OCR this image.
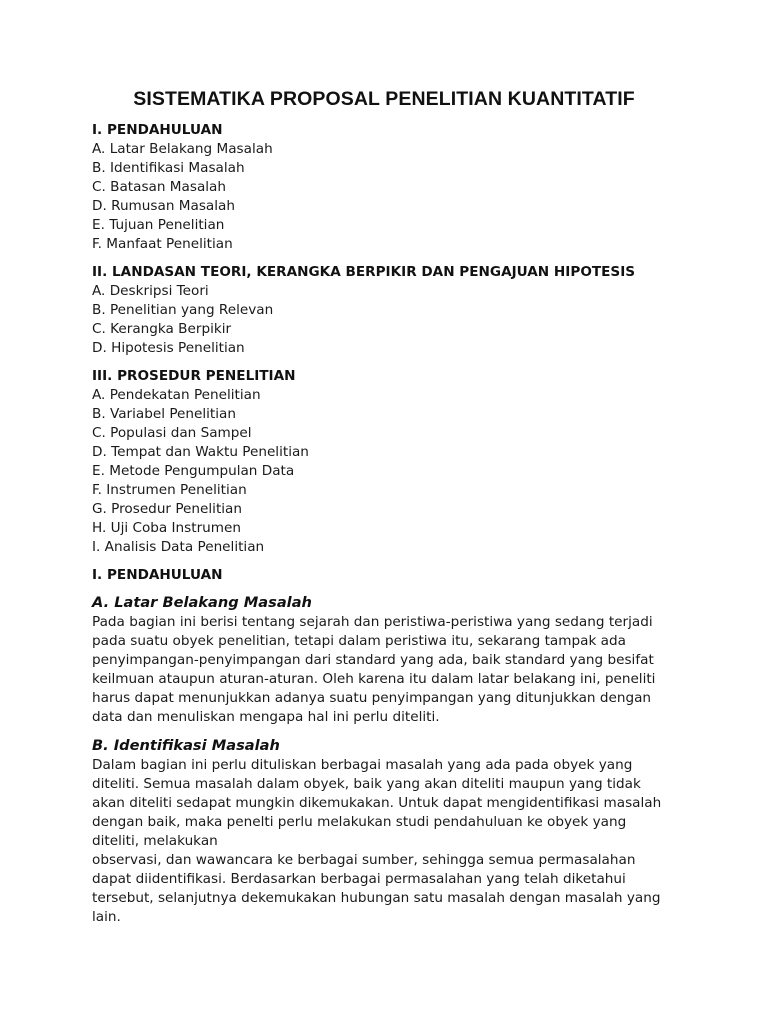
SISTEMATIKA PROPOSAL PENELITIAN KUANTITATIF
I. PENDAHULUAN
A. Latar Belakang Masalah
B. Identifikasi Masalah
C. Batasan Masalah
D. Rumusan Masalah
E. Tujuan Penelitian
F. Manfaat Penelitian
II. LANDASAN TEORI, KERANGKA BERPIKIR DAN PENGAJUAN HIPOTESIS
A. Deskripsi Teori
B. Penelitian yang Relevan
C. Kerangka Berpikir
D. Hipotesis Penelitian
III. PROSEDUR PENELITIAN
A. Pendekatan Penelitian
B. Variabel Penelitian
C. Populasi dan Sampel
D. Tempat dan Waktu Penelitian
E. Metode Pengumpulan Data
F. Instrumen Penelitian
G. Prosedur Penelitian
H. Uji Coba Instrumen
I. Analisis Data Penelitian
I. PENDAHULUAN
A. Latar Belakang Masalah

Pada bagian ini berisi tentang sejarah dan peristiwa-peristiwa yang sedang terjadi
pada suatu obyek penelitian, tetapi dalam peristiwa itu, sekarang tampak ada
penyimpangan-penyimpangan dari standard yang ada, baik standard yang besifat
keilmuan ataupun aturan-aturan. Oleh karena itu dalam latar belakang ini, peneliti
harus dapat menunjukkan adanya suatu penyimpangan yang ditunjukkan dengan
data dan menuliskan mengapa hal ini perlu diteliti.

B. Identifikasi Masalah

Dalam bagian ini perlu dituliskan berbagai masalah yang ada pada obyek yang
diteliti. Semua masalah dalam obyek, baik yang akan diteliti maupun yang tidak
akan diteliti sedapat mungkin dikemukakan. Untuk dapat mengidentifikasi masalah
dengan baik, maka penelti perlu melakukan studi pendahuluan ke obyek yang
diteliti, melakukan
observasi, dan wawancara ke berbagai sumber, sehingga semua permasalahan
dapat diidentifikasi. Berdasarkan berbagai permasalahan yang telah diketahui
tersebut, selanjutnya dekemukakan hubungan satu masalah dengan masalah yang
lain.
